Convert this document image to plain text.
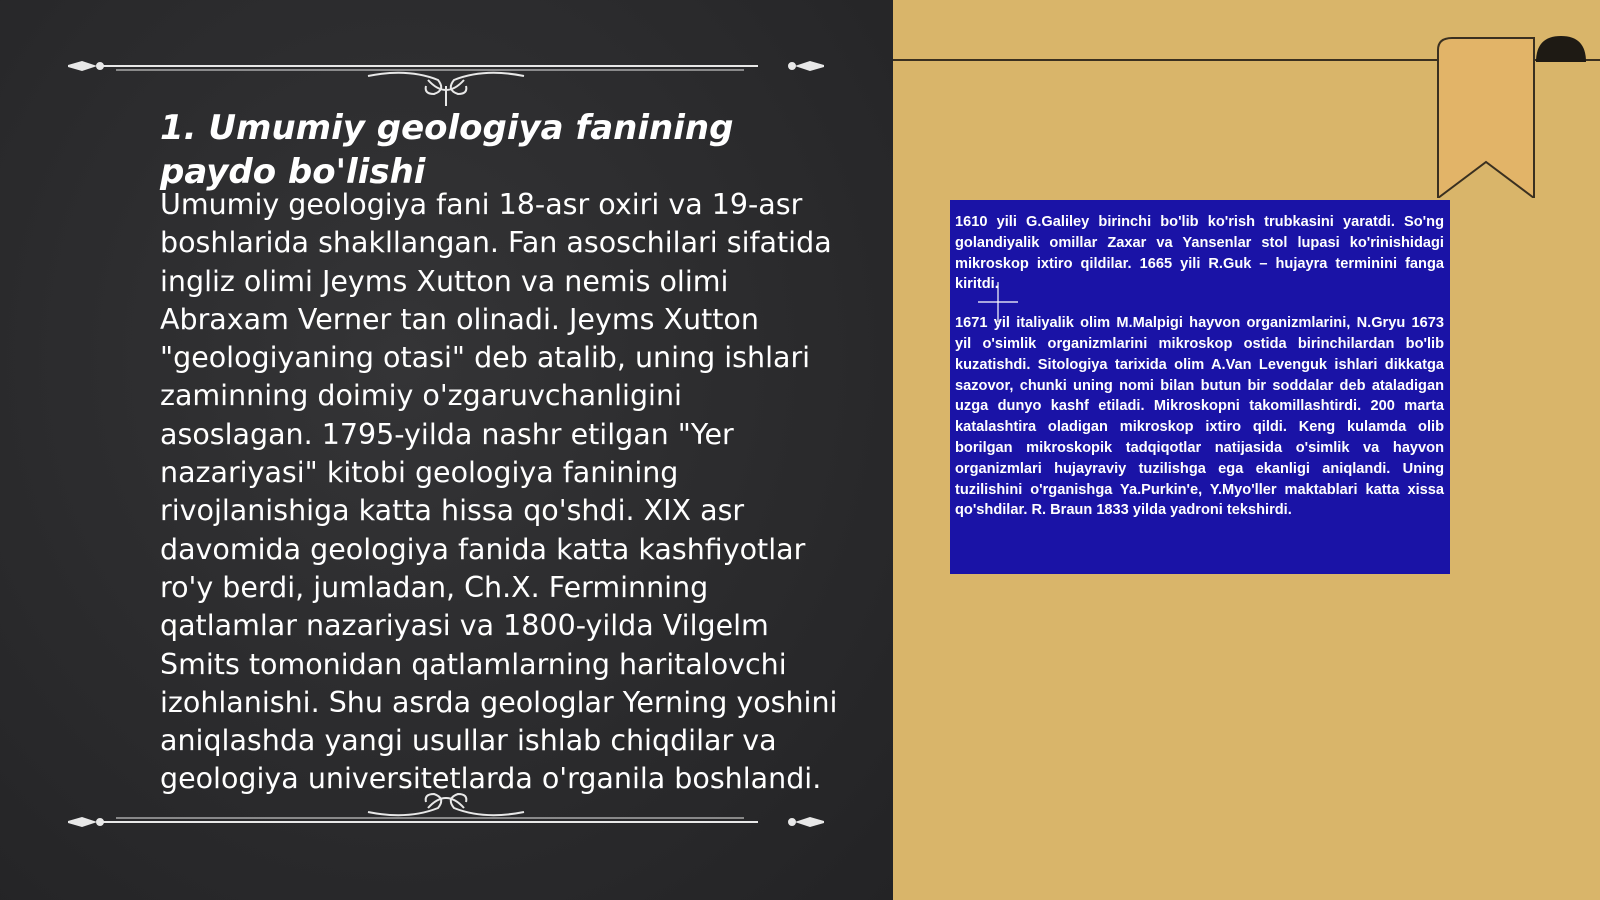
1. Umumiy geologiya fanining paydo bo'lishi

Umumiy geologiya fani 18-asr oxiri va 19-asr boshlarida shakllangan. Fan asoschilari sifatida ingliz olimi Jeyms Xutton va nemis olimi Abraxam Verner tan olinadi. Jeyms Xutton "geologiyaning otasi" deb atalib, uning ishlari zaminning doimiy o'zgaruvchanligini asoslagan. 1795-yilda nashr etilgan "Yer nazariyasi" kitobi geologiya fanining rivojlanishiga katta hissa qo'shdi. XIX asr davomida geologiya fanida katta kashfiyotlar ro'y berdi, jumladan, Ch.X. Ferminning qatlamlar nazariyasi va 1800-yilda Vilgelm Smits tomonidan qatlamlarning haritalovchi izohlanishi. Shu asrda geologlar Yerning yoshini aniqlashda yangi usullar ishlab chiqdilar va geologiya universitetlarda o'rganila boshlandi.

1610 yili G.Galiley birinchi bo'lib ko'rish trubkasini yaratdi. So'ng golandiyalik omillar Zaxar va Yansenlar stol lupasi ko'rinishidagi mikroskop ixtiro qildilar. 1665 yili R.Guk – hujayra terminini fanga kiritdi.

1671 yil italiyalik olim M.Malpigi hayvon organizmlarini, N.Gryu 1673 yil o'simlik organizmlarini mikroskop ostida birinchilardan bo'lib kuzatishdi. Sitologiya tarixida olim A.Van Levenguk ishlari dikkatga sazovor, chunki uning nomi bilan butun bir soddalar deb ataladigan uzga dunyo kashf etiladi. Mikroskopni takomillashtirdi. 200 marta katalashtira oladigan mikroskop ixtiro qildi. Keng kulamda olib borilgan mikroskopik tadqiqotlar natijasida o'simlik va hayvon organizmlari hujayraviy tuzilishga ega ekanligi aniqlandi. Uning tuzilishini o'rganishga Ya.Purkin'e, Y.Myo'ller maktablari katta xissa qo'shdilar. R. Braun 1833 yilda yadroni tekshirdi.
